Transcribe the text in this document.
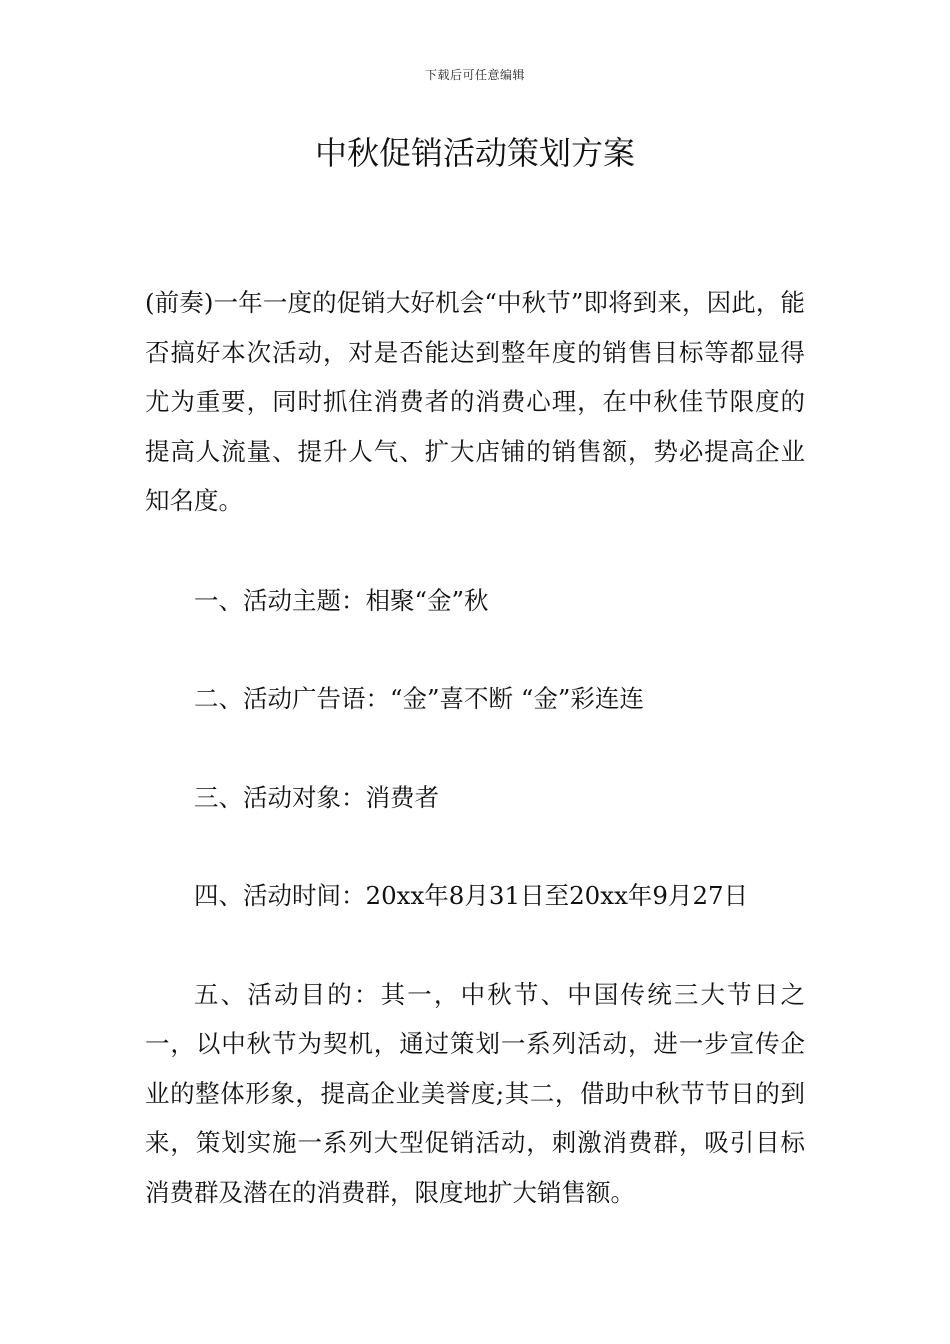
下载后可任意编辑
中秋促销活动策划方案

(前奏)一年一度的促销大好机会“中秋节”即将到来，因此，能否搞好本次活动，对是否能达到整年度的销售目标等都显得尤为重要，同时抓住消费者的消费心理，在中秋佳节限度的提高人流量、提升人气、扩大店铺的销售额，势必提高企业知名度。

一、活动主题：相聚“金”秋

二、活动广告语：“金”喜不断 “金”彩连连

三、活动对象：消费者

四、活动时间：20xx年8月31日至20xx年9月27日

五、活动目的：其一，中秋节、中国传统三大节日之一，以中秋节为契机，通过策划一系列活动，进一步宣传企业的整体形象，提高企业美誉度;其二，借助中秋节节日的到来，策划实施一系列大型促销活动，刺激消费群，吸引目标消费群及潜在的消费群，限度地扩大销售额。
